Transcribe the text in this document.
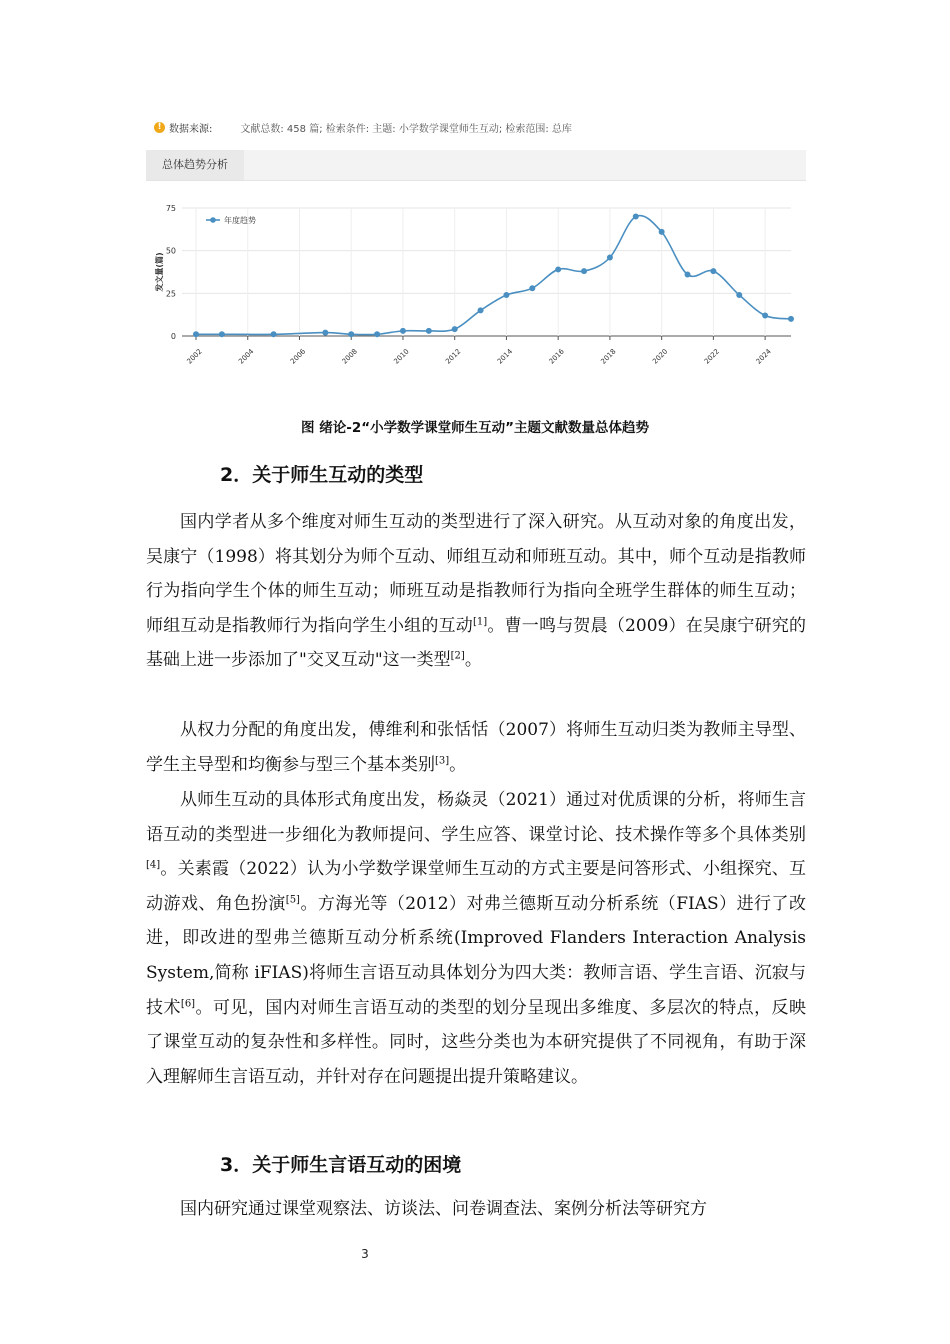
! 数据来源:	文献总数: 458 篇; 检索条件: 主题: 小学数学课堂师生互动; 检索范围: 总库
总体趋势分析
0
25
50
75
2002	2004	2006	2008	2010	2012	2014	2016	2018	2020	2022	2024
发文量(篇)
年度趋势
图 绪论-2“小学数学课堂师生互动”主题文献数量总体趋势
2．关于师生互动的类型

国内学者从多个维度对师生互动的类型进行了深入研究。从互动对象的角度出发，吴康宁（1998）将其划分为师个互动、师组互动和师班互动。其中，师个互动是指教师行为指向学生个体的师生互动；师班互动是指教师行为指向全班学生群体的师生互动；师组互动是指教师行为指向学生小组的互动[1]。曹一鸣与贺晨（2009）在吴康宁研究的基础上进一步添加了"交叉互动"这一类型[2]。

从权力分配的角度出发，傅维利和张恬恬（2007）将师生互动归类为教师主导型、学生主导型和均衡参与型三个基本类别[3]。

从师生互动的具体形式角度出发，杨焱灵（2021）通过对优质课的分析，将师生言语互动的类型进一步细化为教师提问、学生应答、课堂讨论、技术操作等多个具体类别[4]。关素霞（2022）认为小学数学课堂师生互动的方式主要是问答形式、小组探究、互动游戏、角色扮演[5]。方海光等（2012）对弗兰德斯互动分析系统（FIAS）进行了改进，即改进的型弗兰德斯互动分析系统(Improved Flanders Interaction Analysis System,简称 iFIAS)将师生言语互动具体划分为四大类：教师言语、学生言语、沉寂与技术[6]。可见，国内对师生言语互动的类型的划分呈现出多维度、多层次的特点，反映了课堂互动的复杂性和多样性。同时，这些分类也为本研究提供了不同视角，有助于深入理解师生言语互动，并针对存在问题提出提升策略建议。

3．关于师生言语互动的困境

国内研究通过课堂观察法、访谈法、问卷调查法、案例分析法等研究方

3
